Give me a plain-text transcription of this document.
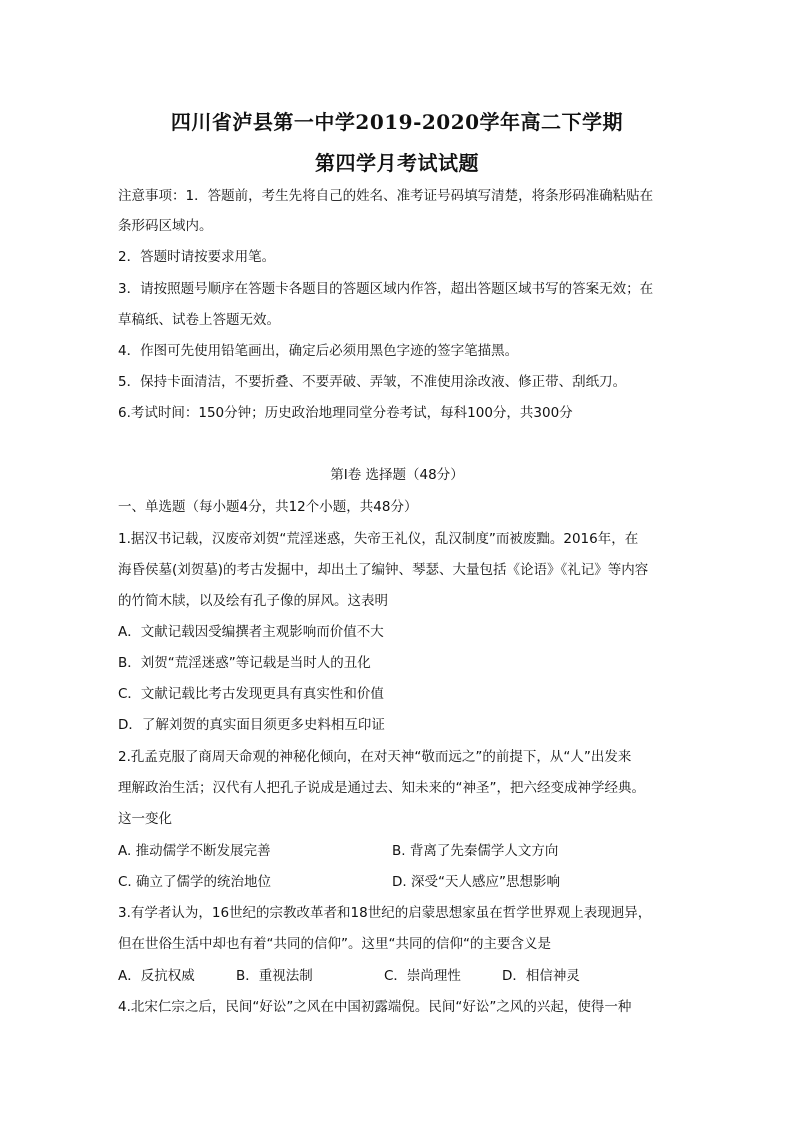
四川省泸县第一中学2019-2020学年高二下学期
第四学月考试试题
注意事项：1．答题前，考生先将自己的姓名、准考证号码填写清楚，将条形码准确粘贴在
条形码区域内。
2．答题时请按要求用笔。
3．请按照题号顺序在答题卡各题目的答题区域内作答，超出答题区域书写的答案无效；在
草稿纸、试卷上答题无效。
4．作图可先使用铅笔画出，确定后必须用黑色字迹的签字笔描黑。
5．保持卡面清洁，不要折叠、不要弄破、弄皱，不准使用涂改液、修正带、刮纸刀。
6.考试时间：150分钟；历史政治地理同堂分卷考试，每科100分，共300分
第I卷 选择题（48分）
一、单选题（每小题4分，共12个小题，共48分）
1.据汉书记载，汉废帝刘贺“荒淫迷惑，失帝王礼仪，乱汉制度”而被废黜。2016年，在
海昏侯墓(刘贺墓)的考古发掘中，却出土了编钟、琴瑟、大量包括《论语》《礼记》等内容
的竹简木牍，以及绘有孔子像的屏风。这表明
A．文献记载因受编撰者主观影响而价值不大
B．刘贺“荒淫迷惑”等记载是当时人的丑化
C．文献记载比考古发现更具有真实性和价值
D．了解刘贺的真实面目须更多史料相互印证
2.孔孟克服了商周天命观的神秘化倾向，在对天神“敬而远之”的前提下，从“人”出发来
理解政治生活；汉代有人把孔子说成是通过去、知未来的“神圣”，把六经变成神学经典。
这一变化
A. 推动儒学不断发展完善	B. 背离了先秦儒学人文方向
C. 确立了儒学的统治地位	D. 深受“天人感应”思想影响
3.有学者认为，16世纪的宗教改革者和18世纪的启蒙思想家虽在哲学世界观上表现迥异，
但在世俗生活中却也有着“共同的信仰”。这里“共同的信仰“的主要含义是
A．反抗权威	B．重视法制	C．崇尚理性	D．相信神灵
4.北宋仁宗之后，民间“好讼”之风在中国初露端倪。民间“好讼”之风的兴起，使得一种
